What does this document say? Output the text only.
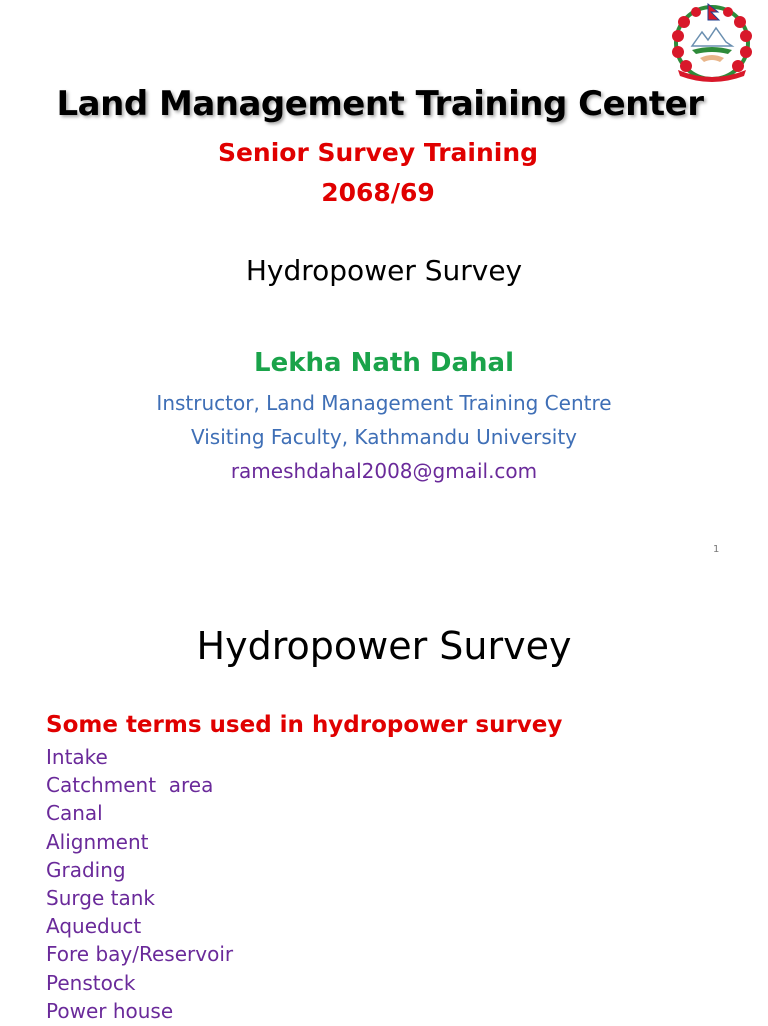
Land Management Training Center
Senior Survey Training
2068/69
Hydropower Survey
Lekha Nath Dahal
Instructor, Land Management Training Centre
Visiting Faculty, Kathmandu University
rameshdahal2008@gmail.com
1
Hydropower Survey
Some terms used in hydropower survey
Intake
Catchment  area
Canal
Alignment
Grading
Surge tank
Aqueduct
Fore bay/Reservoir
Penstock
Power house
